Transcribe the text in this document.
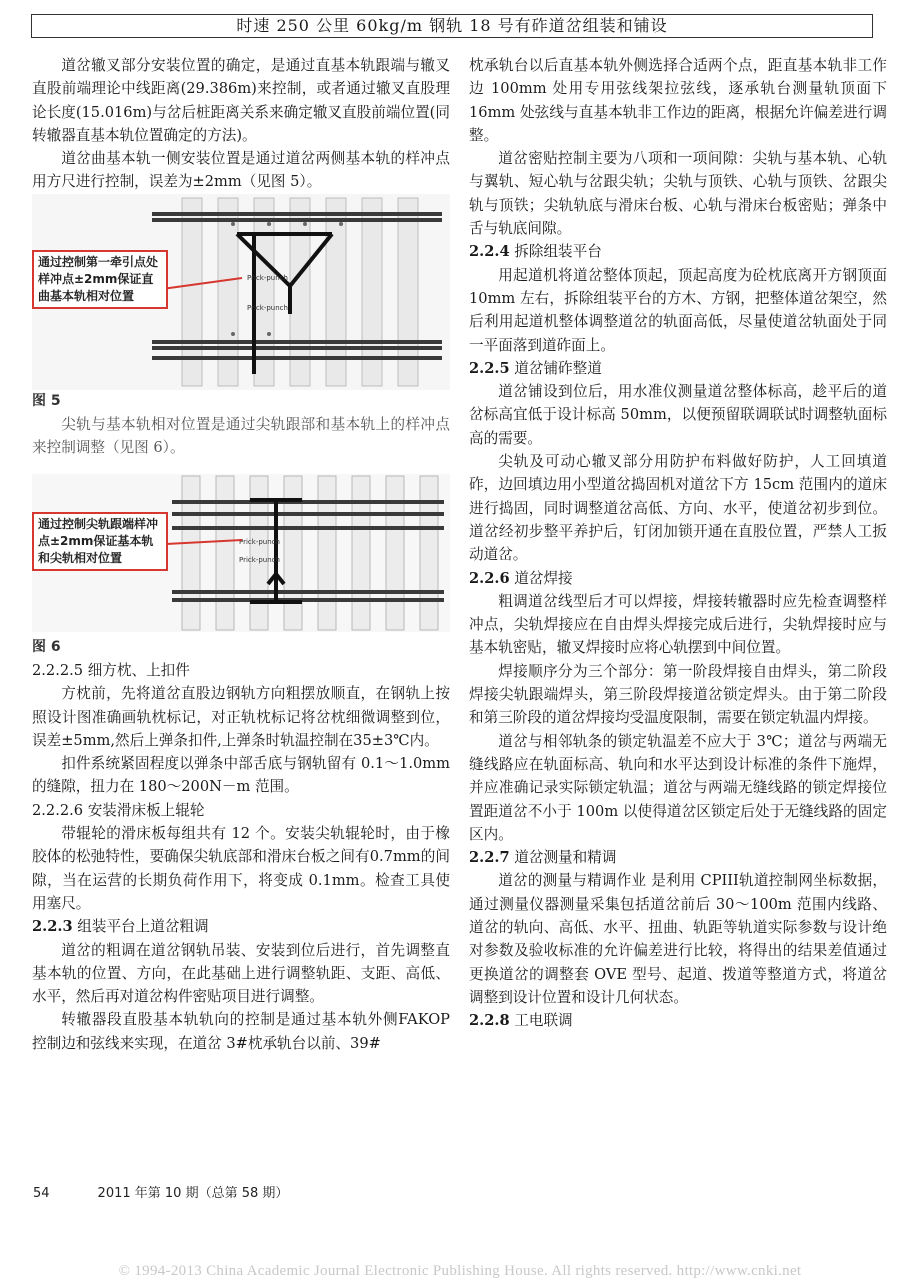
时速 250 公里 60kg/m 钢轨 18 号有砟道岔组装和铺设

道岔辙叉部分安装位置的确定，是通过直基本轨跟端与辙叉直股前端理论中线距离(29.386m)来控制，或者通过辙叉直股理论长度(15.016m)与岔后桩距离关系来确定辙叉直股前端位置(同转辙器直基本轨位置确定的方法)。

道岔曲基本轨一侧安装位置是通过道岔两侧基本轨的样冲点用方尺进行控制，误差为±2mm（见图 5）。

Prick-punch
Prick-punch
通过控制第一牵引点处样冲点±2mm保证直曲基本轨相对位置

图 5

尖轨与基本轨相对位置是通过尖轨跟部和基本轨上的样冲点来控制调整（见图 6）。

Prick-punch
Prick-punch
通过控制尖轨跟端样冲点±2mm保证基本轨和尖轨相对位置

图 6

2.2.2.5 细方枕、上扣件

方枕前，先将道岔直股边钢轨方向粗摆放顺直，在钢轨上按照设计图准确画轨枕标记，对正轨枕标记将岔枕细微调整到位，误差±5mm,然后上弹条扣件,上弹条时轨温控制在35±3℃内。

扣件系统紧固程度以弹条中部舌底与钢轨留有 0.1～1.0mm 的缝隙，扭力在 180～200N－m 范围。

2.2.2.6 安装滑床板上辊轮

带辊轮的滑床板每组共有 12 个。安装尖轨辊轮时，由于橡胶体的松弛特性，要确保尖轨底部和滑床台板之间有0.7mm的间隙，当在运营的长期负荷作用下，将变成 0.1mm。检查工具使用塞尺。

2.2.3 组装平台上道岔粗调

道岔的粗调在道岔钢轨吊装、安装到位后进行，首先调整直基本轨的位置、方向，在此基础上进行调整轨距、支距、高低、水平，然后再对道岔构件密贴项目进行调整。

转辙器段直股基本轨轨向的控制是通过基本轨外侧FAKOP 控制边和弦线来实现，在道岔 3#枕承轨台以前、39#

枕承轨台以后直基本轨外侧选择合适两个点，距直基本轨非工作边 100mm 处用专用弦线架拉弦线，逐承轨台测量轨顶面下 16mm 处弦线与直基本轨非工作边的距离，根据允许偏差进行调整。

道岔密贴控制主要为八项和一项间隙：尖轨与基本轨、心轨与翼轨、短心轨与岔跟尖轨；尖轨与顶铁、心轨与顶铁、岔跟尖轨与顶铁；尖轨轨底与滑床台板、心轨与滑床台板密贴；弹条中舌与轨底间隙。

2.2.4 拆除组装平台

用起道机将道岔整体顶起，顶起高度为砼枕底离开方钢顶面 10mm 左右，拆除组装平台的方木、方钢，把整体道岔架空，然后利用起道机整体调整道岔的轨面高低，尽量使道岔轨面处于同一平面落到道砟面上。

2.2.5 道岔铺砟整道

道岔铺设到位后，用水准仪测量道岔整体标高，趁平后的道岔标高宜低于设计标高 50mm，以便预留联调联试时调整轨面标高的需要。

尖轨及可动心辙叉部分用防护布料做好防护，人工回填道砟，边回填边用小型道岔捣固机对道岔下方 15cm 范围内的道床进行捣固，同时调整道岔高低、方向、水平，使道岔初步到位。道岔经初步整平养护后，钉闭加锁开通在直股位置，严禁人工扳动道岔。

2.2.6 道岔焊接

粗调道岔线型后才可以焊接，焊接转辙器时应先检查调整样冲点，尖轨焊接应在自由焊头焊接完成后进行，尖轨焊接时应与基本轨密贴，辙叉焊接时应将心轨摆到中间位置。

焊接顺序分为三个部分：第一阶段焊接自由焊头，第二阶段焊接尖轨跟端焊头，第三阶段焊接道岔锁定焊头。由于第二阶段和第三阶段的道岔焊接均受温度限制，需要在锁定轨温内焊接。

道岔与相邻轨条的锁定轨温差不应大于 3℃；道岔与两端无缝线路应在轨面标高、轨向和水平达到设计标准的条件下施焊，并应准确记录实际锁定轨温；道岔与两端无缝线路的锁定焊接位置距道岔不小于 100m 以使得道岔区锁定后处于无缝线路的固定区内。

2.2.7 道岔测量和精调

道岔的测量与精调作业 是利用 CPIII轨道控制网坐标数据，通过测量仪器测量采集包括道岔前后 30～100m 范围内线路、道岔的轨向、高低、水平、扭曲、轨距等轨道实际参数与设计绝对参数及验收标准的允许偏差进行比较，将得出的结果差值通过更换道岔的调整套 OVE 型号、起道、拨道等整道方式，将道岔调整到设计位置和设计几何状态。

2.2.8 工电联调

54	2011 年第 10 期（总第 58 期）
© 1994-2013 China Academic Journal Electronic Publishing House. All rights reserved. http://www.cnki.net
